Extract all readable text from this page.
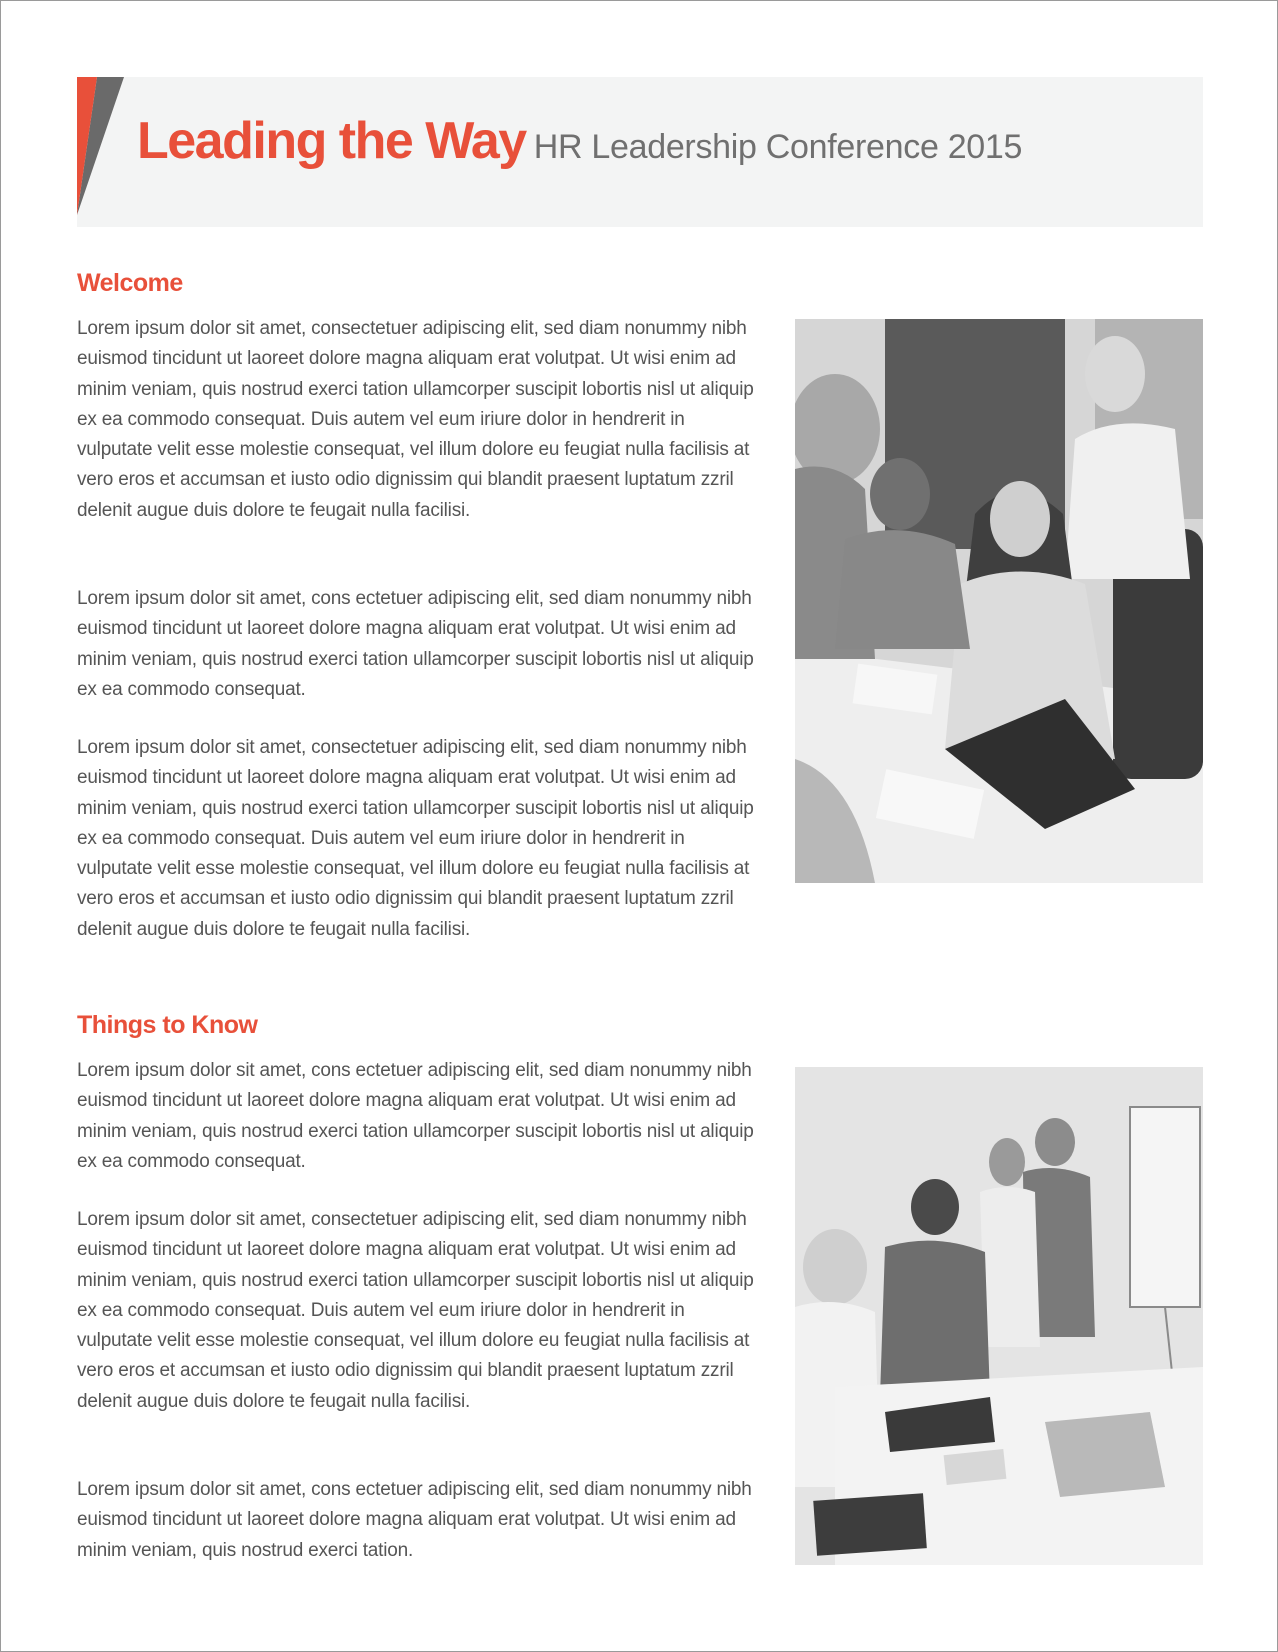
Leading the Way HR Leadership Conference 2015
Welcome

Lorem ipsum dolor sit amet, consectetuer adipiscing elit, sed diam nonummy nibh euismod tincidunt ut laoreet dolore magna aliquam erat volutpat. Ut wisi enim ad minim veniam, quis nostrud exerci tation ullamcorper suscipit lobortis nisl ut aliquip ex ea commodo consequat. Duis autem vel eum iriure dolor in hendrerit in vulputate velit esse molestie consequat, vel illum dolore eu feugiat nulla facilisis at vero eros et accumsan et iusto odio dignissim qui blandit praesent luptatum zzril delenit augue duis dolore te feugait nulla facilisi.

Lorem ipsum dolor sit amet, cons ectetuer adipiscing elit, sed diam nonummy nibh euismod tincidunt ut laoreet dolore magna aliquam erat volutpat. Ut wisi enim ad minim veniam, quis nostrud exerci tation ullamcorper suscipit lobortis nisl ut aliquip ex ea commodo consequat.

Lorem ipsum dolor sit amet, consectetuer adipiscing elit, sed diam nonummy nibh euismod tincidunt ut laoreet dolore magna aliquam erat volutpat. Ut wisi enim ad minim veniam, quis nostrud exerci tation ullamcorper suscipit lobortis nisl ut aliquip ex ea commodo consequat. Duis autem vel eum iriure dolor in hendrerit in vulputate velit esse molestie consequat, vel illum dolore eu feugiat nulla facilisis at vero eros et accumsan et iusto odio dignissim qui blandit praesent luptatum zzril delenit augue duis dolore te feugait nulla facilisi.

Things to Know

Lorem ipsum dolor sit amet, cons ectetuer adipiscing elit, sed diam nonummy nibh euismod tincidunt ut laoreet dolore magna aliquam erat volutpat. Ut wisi enim ad minim veniam, quis nostrud exerci tation ullamcorper suscipit lobortis nisl ut aliquip ex ea commodo consequat.

Lorem ipsum dolor sit amet, consectetuer adipiscing elit, sed diam nonummy nibh euismod tincidunt ut laoreet dolore magna aliquam erat volutpat. Ut wisi enim ad minim veniam, quis nostrud exerci tation ullamcorper suscipit lobortis nisl ut aliquip ex ea commodo consequat. Duis autem vel eum iriure dolor in hendrerit in vulputate velit esse molestie consequat, vel illum dolore eu feugiat nulla facilisis at vero eros et accumsan et iusto odio dignissim qui blandit praesent luptatum zzril delenit augue duis dolore te feugait nulla facilisi.

Lorem ipsum dolor sit amet, cons ectetuer adipiscing elit, sed diam nonummy nibh euismod tincidunt ut laoreet dolore magna aliquam erat volutpat. Ut wisi enim ad minim veniam, quis nostrud exerci tation.
